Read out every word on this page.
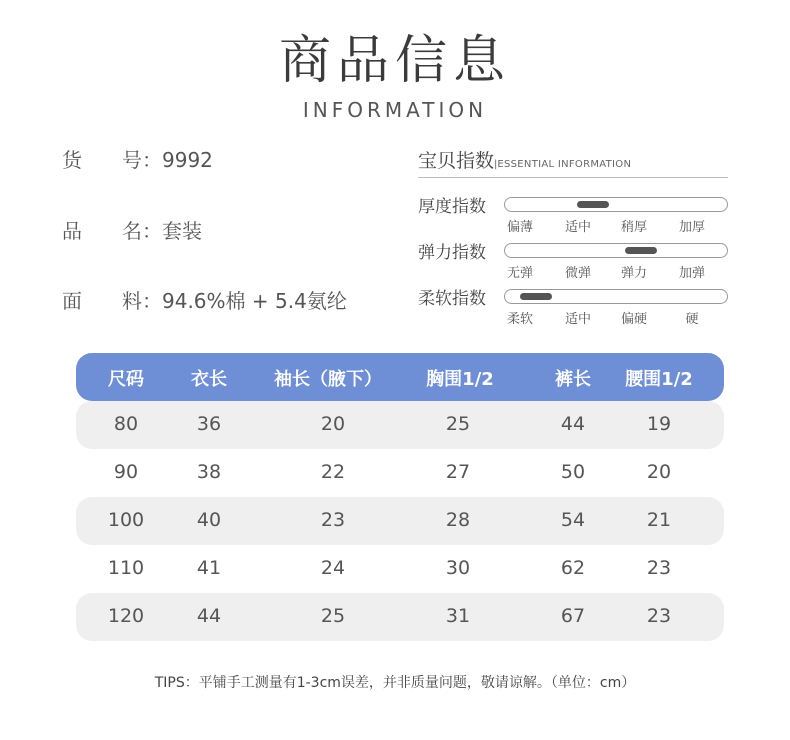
商品信息
INFORMATION
货 号：9992
品 名：套装
面 料：94.6%棉 + 5.4氨纶
宝贝指数|ESSENTIAL INFORMATION
厚度指数
偏薄 适中 稍厚 加厚
弹力指数
无弹 微弹 弹力 加弹
柔软指数
柔软 适中 偏硬	硬
尺码	衣长	袖长（腋下） 胸围1/2	裤长 腰围1/2
80	36	20	25	44	19
90	38	22	27	50	20
100	40	23	28	54	21
110	41	24	30	62	23
120	44	25	31	67	23
TIPS：平铺手工测量有1-3cm误差，并非质量问题，敬请谅解。（单位：cm）
